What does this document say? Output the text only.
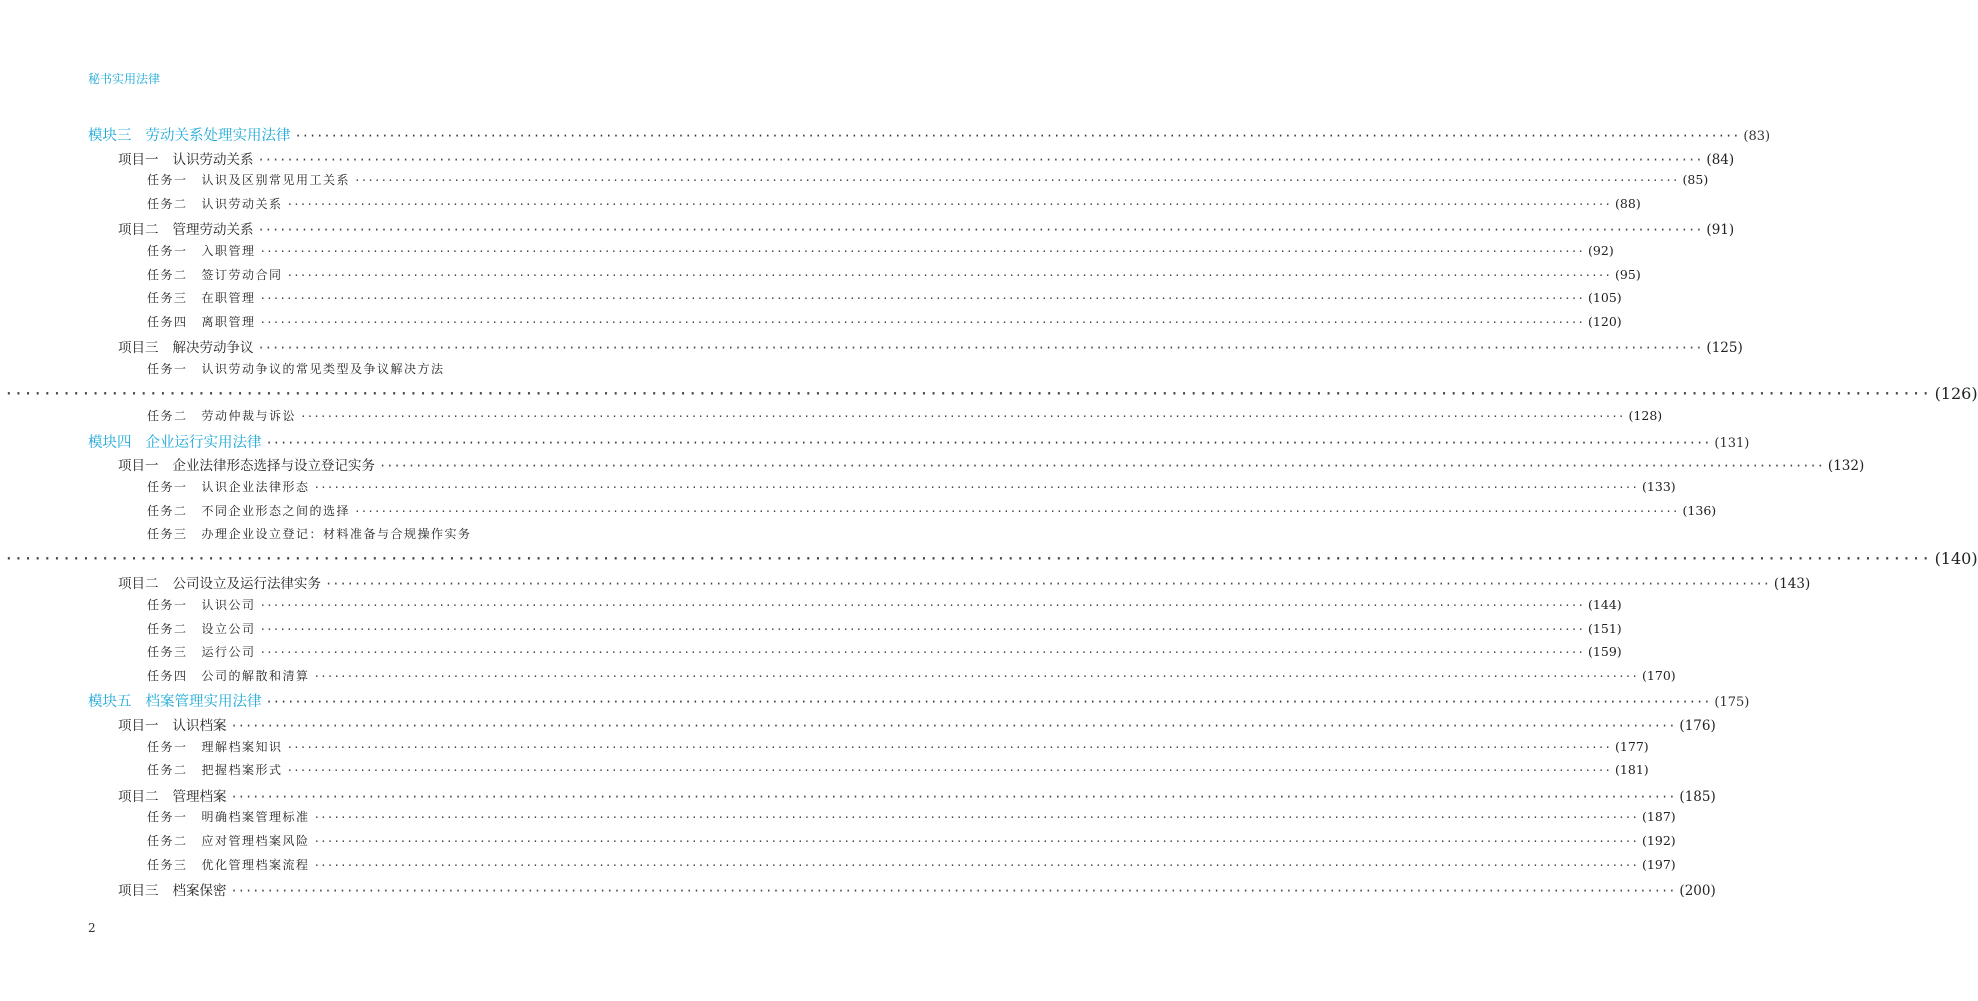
秘书实用法律
模块三 劳动关系处理实用法律 ········································································································································································································ (83)
项目一 认识劳动关系 ········································································································································································································ (84)
任务一 认识及区别常见用工关系 ········································································································································································································ (85)
任务二 认识劳动关系 ········································································································································································································ (88)
项目二 管理劳动关系 ········································································································································································································ (91)
任务一 入职管理 ········································································································································································································ (92)
任务二 签订劳动合同 ········································································································································································································ (95)
任务三 在职管理 ········································································································································································································ (105)
任务四 离职管理 ········································································································································································································ (120)
项目三 解决劳动争议 ········································································································································································································ (125)
任务一 认识劳动争议的常见类型及争议解决方法
········································································································································································································ (126)
任务二 劳动仲裁与诉讼 ········································································································································································································ (128)
模块四 企业运行实用法律 ········································································································································································································ (131)
项目一 企业法律形态选择与设立登记实务 ········································································································································································································ (132)
任务一 认识企业法律形态 ········································································································································································································ (133)
任务二 不同企业形态之间的选择 ········································································································································································································ (136)
任务三 办理企业设立登记：材料准备与合规操作实务
········································································································································································································ (140)
项目二 公司设立及运行法律实务 ········································································································································································································ (143)
任务一 认识公司 ········································································································································································································ (144)
任务二 设立公司 ········································································································································································································ (151)
任务三 运行公司 ········································································································································································································ (159)
任务四 公司的解散和清算 ········································································································································································································ (170)
模块五 档案管理实用法律 ········································································································································································································ (175)
项目一 认识档案 ········································································································································································································ (176)
任务一 理解档案知识 ········································································································································································································ (177)
任务二 把握档案形式 ········································································································································································································ (181)
项目二 管理档案 ········································································································································································································ (185)
任务一 明确档案管理标准 ········································································································································································································ (187)
任务二 应对管理档案风险 ········································································································································································································ (192)
任务三 优化管理档案流程 ········································································································································································································ (197)
项目三 档案保密 ········································································································································································································ (200)
2
